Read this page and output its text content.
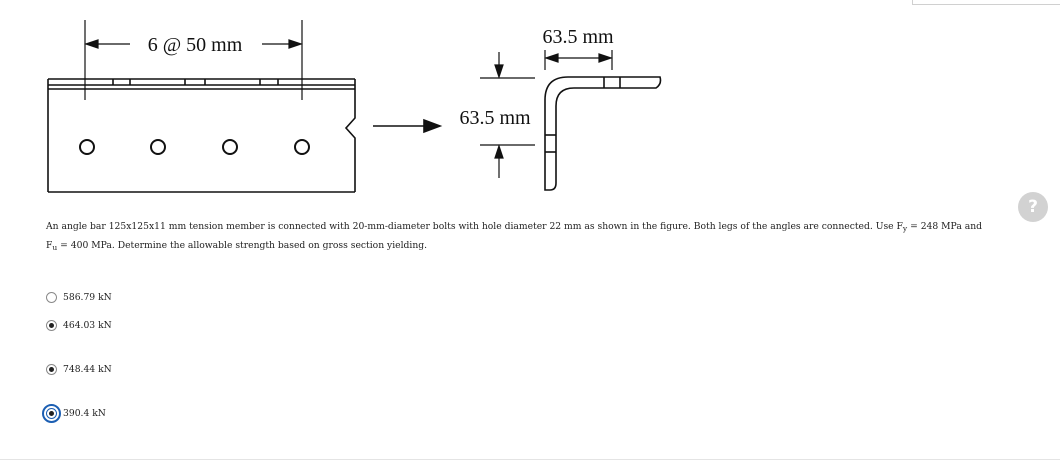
6 @ 50 mm	63.5 mm
63.5 mm
?
An angle bar 125x125x11 mm tension member is connected with 20-mm-diameter bolts with hole diameter 22 mm as shown in the figure. Both legs of the angles are connected. Use $F_y = 248$ MPa and
$F_u = 400$ MPa. Determine the allowable strength based on gross section yielding.
586.79 kN
464.03 kN
748.44 kN
390.4 kN
